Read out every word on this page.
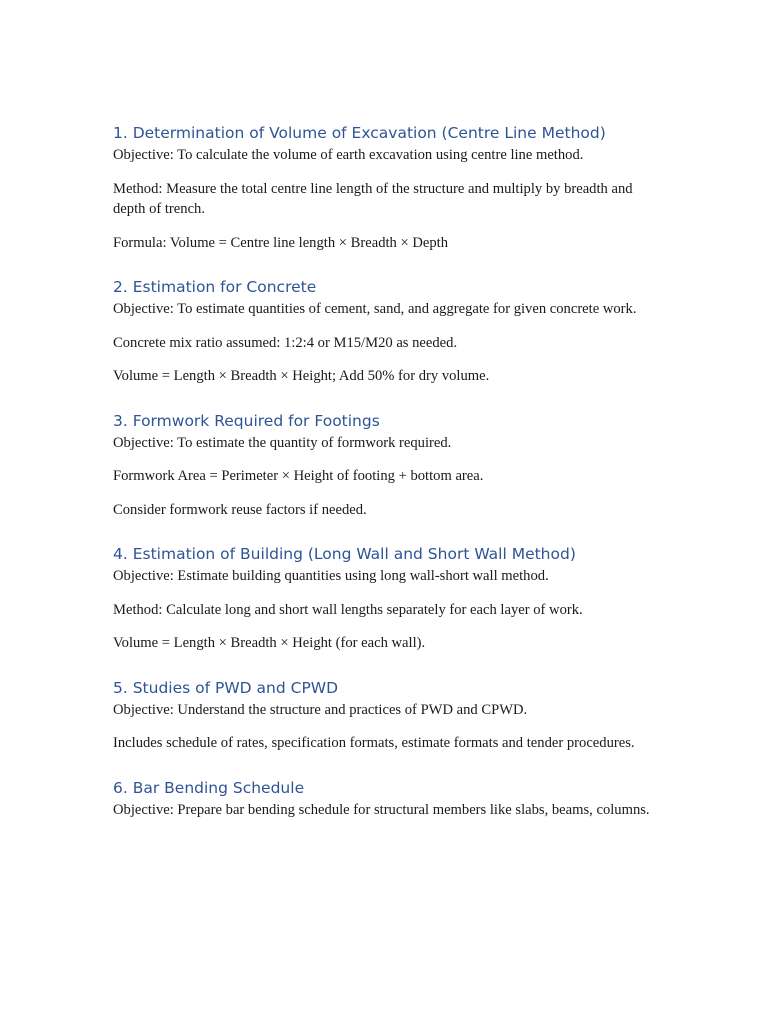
1. Determination of Volume of Excavation (Centre Line Method)

Objective: To calculate the volume of earth excavation using centre line method.

Method: Measure the total centre line length of the structure and multiply by breadth and depth of trench.

Formula: Volume = Centre line length × Breadth × Depth

2. Estimation for Concrete

Objective: To estimate quantities of cement, sand, and aggregate for given concrete work.

Concrete mix ratio assumed: 1:2:4 or M15/M20 as needed.

Volume = Length × Breadth × Height; Add 50% for dry volume.

3. Formwork Required for Footings

Objective: To estimate the quantity of formwork required.

Formwork Area = Perimeter × Height of footing + bottom area.

Consider formwork reuse factors if needed.

4. Estimation of Building (Long Wall and Short Wall Method)

Objective: Estimate building quantities using long wall-short wall method.

Method: Calculate long and short wall lengths separately for each layer of work.

Volume = Length × Breadth × Height (for each wall).

5. Studies of PWD and CPWD

Objective: Understand the structure and practices of PWD and CPWD.

Includes schedule of rates, specification formats, estimate formats and tender procedures.

6. Bar Bending Schedule

Objective: Prepare bar bending schedule for structural members like slabs, beams, columns.
